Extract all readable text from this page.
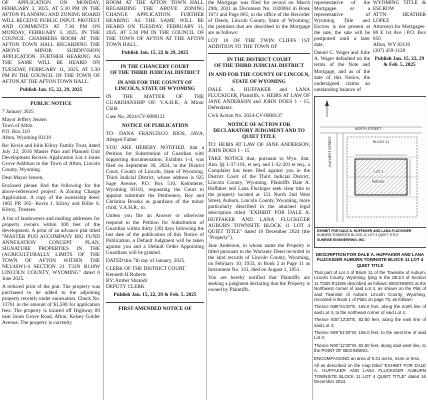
OF APPLICATION ON MONDAY, FEBRUARY 3, 2025, AT 5:30 PM IN THE AFTON PLANNING AND ZONING BOARD WILL RECEIVE PUBLIC INPUT. PROTEST AND COMMENTS AT 7:30 PM ON MONDAY, FEBRUARY 3, 2025, IN THE COUNCIL CHAMBERS ROOM AT THE AFTON TOWN HALL REGARDING THE ABOVE MINOR SUBDIVISION APPLICATION. FURTHER HEARING AS THE SAME WILL BE HEARD ON TUESDAY, FEBRUARY 11, 2025, AT 5:30 PM IN THE COUNCIL OF THE TOWN OF AFTON AT THE AFTON TOWN HALL.

Publish Jan. 15, 22, 29, 2025

PUBLIC NOTICE

7 January 2025

Mayor Jeffery Jensen

Town of Afton

P.O. Box 310

Afton, Wyoming 83110

Re: Kevin and Julie Kilroy Family Trust, dated July 22, 2016 Master Plan and Planned Unit Development Review Application Lot 4 Jones Grove Addition to the Town of Afton, Lincoln County, Wyoming.

Dear Mayor Jensen,

Enclosed please find the following for the above-referenced project: A Zoning Change Application. A copy of the ownership deed: 1065 PR 365- Kevin J. Kilroy and Billie S. Kilroy, Trustees.

A list of landowners and mailing addresses for property owners within 300 feet of the development. A print of an advance plat titled "MASTER PUD ACCOMPANY BIG FUND ANNEXATION CONCEPT PLAN, SIGNATURE PROPERTIES IN THE (AGRICULTURALLY LIMITS OF THE TOWN OF AFTON WITHIN THE NE1/4SW1/4 SECTION 21 T32N R118W LINCOLN COUNTY, WYOMING" dated 6 June 2025.

A reduced print of the plat. The property was purchased to be added to the adjoining property recently under annexation. Check No. 13761 in the amount of $1,500 for application fees. The property is located off Highway 89 near Jones Grove Road, Afton, Kelsey Golder Avenue. The property is currently

ROOM AT THE AFTON TOWN HALL REGARDING THE ABOVE ZONING CHANGE APPLICATION. FURTHER HEARING AS THE SAME WILL BE HEARD ON TUESDAY, FEBRUARY 11, 2025, AT 5:30 PM IN THE COUNCIL OF THE TOWN OF AFTON AT THE AFTON TOWN HALL.

Publish Jan. 15, 22 & 29, 2025

IN THE CHANCERY COURT

OF THE THIRD JUDICIAL DISTRICT

IN AND FOR THE COUNTY OF LINCOLN, STATE OF WYOMING

IN THE MATTER OF THE GUARDIANSHIP OF: V.A.H.R., A Minor Child

Case No. 2024-CV-0000121

NOTICE OF PUBLICATION

TO: DANA FRANCISCO RIOS, JAVA, Alleged Father

YOU ARE HEREBY NOTIFIED, that a Petition for Substitution of Guardian with supporting documentation, Exhibits 1-4, was filed on September 30, 2024, in the District Court, County of Lincoln, State of Wyoming, Third Judicial District, whose address is 925 Sage Avenue, P.O. Box 510, Kemmerer, Wyoming 83101, requesting the Court to appoint substitute the Petitioners, Rey and Christina Brooks as guardians of the minor child, V.A.H.R., to.

Unless you file an Answer or otherwise respond to the Petition for Substitution of Guardian within thirty (30) days following the last date of the publication of this Notice of Publication, a Default Judgment will be taken against you and a Default Order Appointing Guardians will be granted.

DATED this 7th day of January, 2025.

CLERK OF THE DISTRICT COURT

Kenneth H Roberts

BY: Amber Sbrandi

DEPUTY CLERK

Publish Jan. 15, 22, 29 & Feb. 5, 2025

FIRST AMENDED NOTICE OF

the Mortgage was filed for record on March 29th, 2021 as Document No. 1020064 in Book 1071 and Page 865, in the office of the Recorder of Deeds, Lincoln County, State of Wyoming; the premises that are described in the Mortgage are as follows:

LOT 10 OF THE TWIN CLIFFS 1ST ADDITION TO THE TOWN OF

IN THE DISTRICT COURT

OF THE THIRD JUDICIAL DISTRICT

IN AND FOR THE COUNTY OF LINCOLN, STATE OF WYOMING

DALE A. HUFFAKER and LANA FLUCKIGER, Plaintiffs, v. HEIRS AT LAW OF JANE ANDERSON and JOHN DOES 1 - 15, Defendants.

Civil Action No. 2024-CV-0000137

NOTICE OF ACTION FOR DECLARATORY JUDGMENT AND TO QUIET TITLE

TO: HEIRS AT LAW OF JANE ANDERSON, JOHN DOES 1 - 15

TAKE NOTICE that, pursuant to Wyo. Stat. Ann. §§ 1-37-101, et seq. and 1-32-201 et seq., a Complaint has been filed against you in the District Court of the Third Judicial District, Lincoln County, Wyoming. Plaintiffs Dale A. Huffaker and Lana Fluckiger seek clear title to the property located at 151 North 2nd West Street, Auburn, Lincoln County, Wyoming, more particularly described in the attached legal description titled "EXHIBIT FOR DALE A. HUFFAKER AND LANA FLUCKIGER AUBURN TOWNSITE BLOCK 11 LOT 4 QUIET TITLE" dated 16 December 2024 (the "Property").

Jane Anderson, in whose name the Property is titled pursuant to the Warranty Deed recorded in the land records of Lincoln County, Wyoming, on February 10, 1933, in Book 2 at Page 11 as Instrument No. 141, died on August 1, 1951.

You are hereby notified that Plaintiffs are seeking a judgment declaring that the Property is owned by Plaintiffs.

representative of the Mortgagee or a representative of Wyoming Title and Escrow is not present at the sale, the sale will be postponed until a later date.

Daniel C. Wager and Julie A. Wager defaulted on the terms of the Note and Mortgage, and as of the date of this Notice, the undersigned claims an outstanding balance of

WYOMING TITLE & ESCROW

ATTN: HEATHER LOPEZ

Attorneys for Mortgagee

80 E 1st Ave | P.O. Box 850

Afton, WY 83110

(307) 459-1120

Publish Jan. 15, 22, 29 & Feb. 5, 2025

NORTH STREET
2nd WEST STREET	BLOCK 11
LOT 4
PARCEL
EXHIBIT FOR DALE A. HUFFAKER AND LANA FLUCKIGER
AUBURN TOWNSITE BLOCK 11 LOT 4 QUIET TITLE
SUNRISE ENGINEERING, INC.

DESCRIPTION FOR DALE A. HUFFAKER AND LANA FLUCKIGER AUBURN TOWNSITE BLOCK 11 LOT 4 QUIET TITLE

That part of Lot 4 of Block 11 of the Townsite of Auburn, Lincoln County, Wyoming, lying in the SE1/4 of Section 11 T32N R119W described as follows: BEGINNING at the Northwest corner of said Lot 4, as shown on the Plat of said Townsite of Auburn Lincoln County, Wyoming, recorded in Book 1 of Plats on page 75, as follows:

Thence N89°51'20"E, 165.0 feet, along the north line of said Lot 4, to the northeast corner of said Lot 4;

Thence S00°12'20"E, 82.50 feet, along the east line of said Lot 4;

Thence S89°51'20"W, 165.0 feet, to the west line of said Lot 4;

Thence N00°12'20"W, 82.50 feet, along said west line, to the POINT OF BEGINNING.

ENCOMPASSING an area of 0.31 acres, more or less.

All as described on the map titled "EXHIBIT FOR DALE A. HUFFAKER AND LANA FLUCKIGER AUBURN TOWNSITE BLOCK 11 LOT 4 QUIET TITLE" dated 16 December 2024.
